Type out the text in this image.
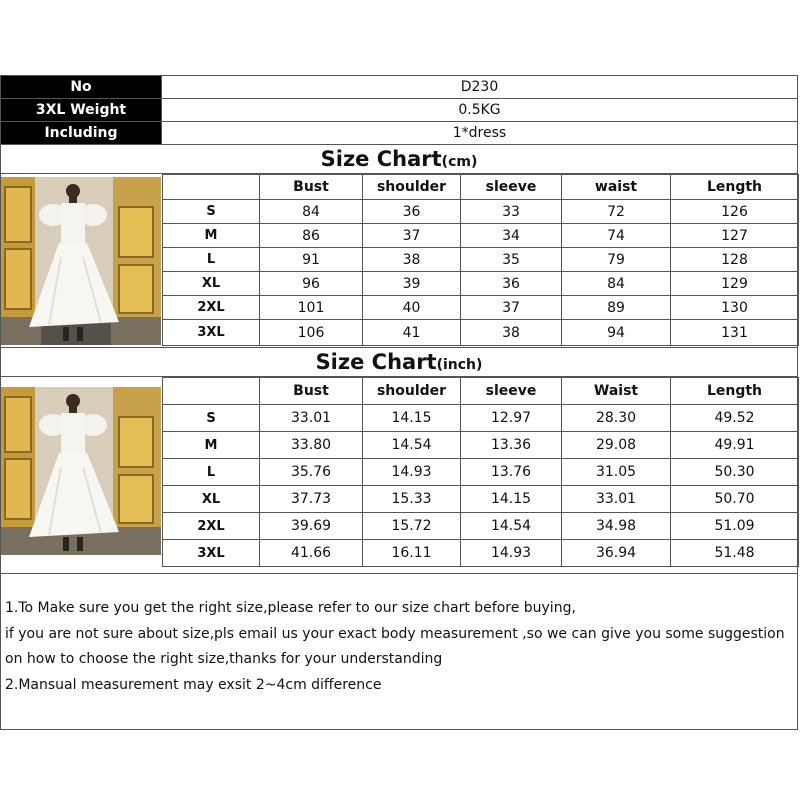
No	D230
3XL Weight	0.5KG
Including	1*dress
Size Chart(cm)
	Bust	shoulder	sleeve	waist	Length
S	84	36	33	72	126
M	86	37	34	74	127
L	91	38	35	79	128
XL	96	39	36	84	129
2XL	101	40	37	89	130
3XL	106	41	38	94	131
Size Chart(inch)
	Bust	shoulder	sleeve	Waist	Length
S	33.01	14.15	12.97	28.30	49.52
M	33.80	14.54	13.36	29.08	49.91
L	35.76	14.93	13.76	31.05	50.30
XL	37.73	15.33	14.15	33.01	50.70
2XL	39.69	15.72	14.54	34.98	51.09
3XL	41.66	16.11	14.93	36.94	51.48

1.To Make sure you get the right size,please refer to our size chart before buying,

if you are not sure about size,pls email us your exact body measurement ,so we can give you some suggestion

on how to choose the right size,thanks for your understanding

2.Mansual measurement may exsit 2~4cm difference
